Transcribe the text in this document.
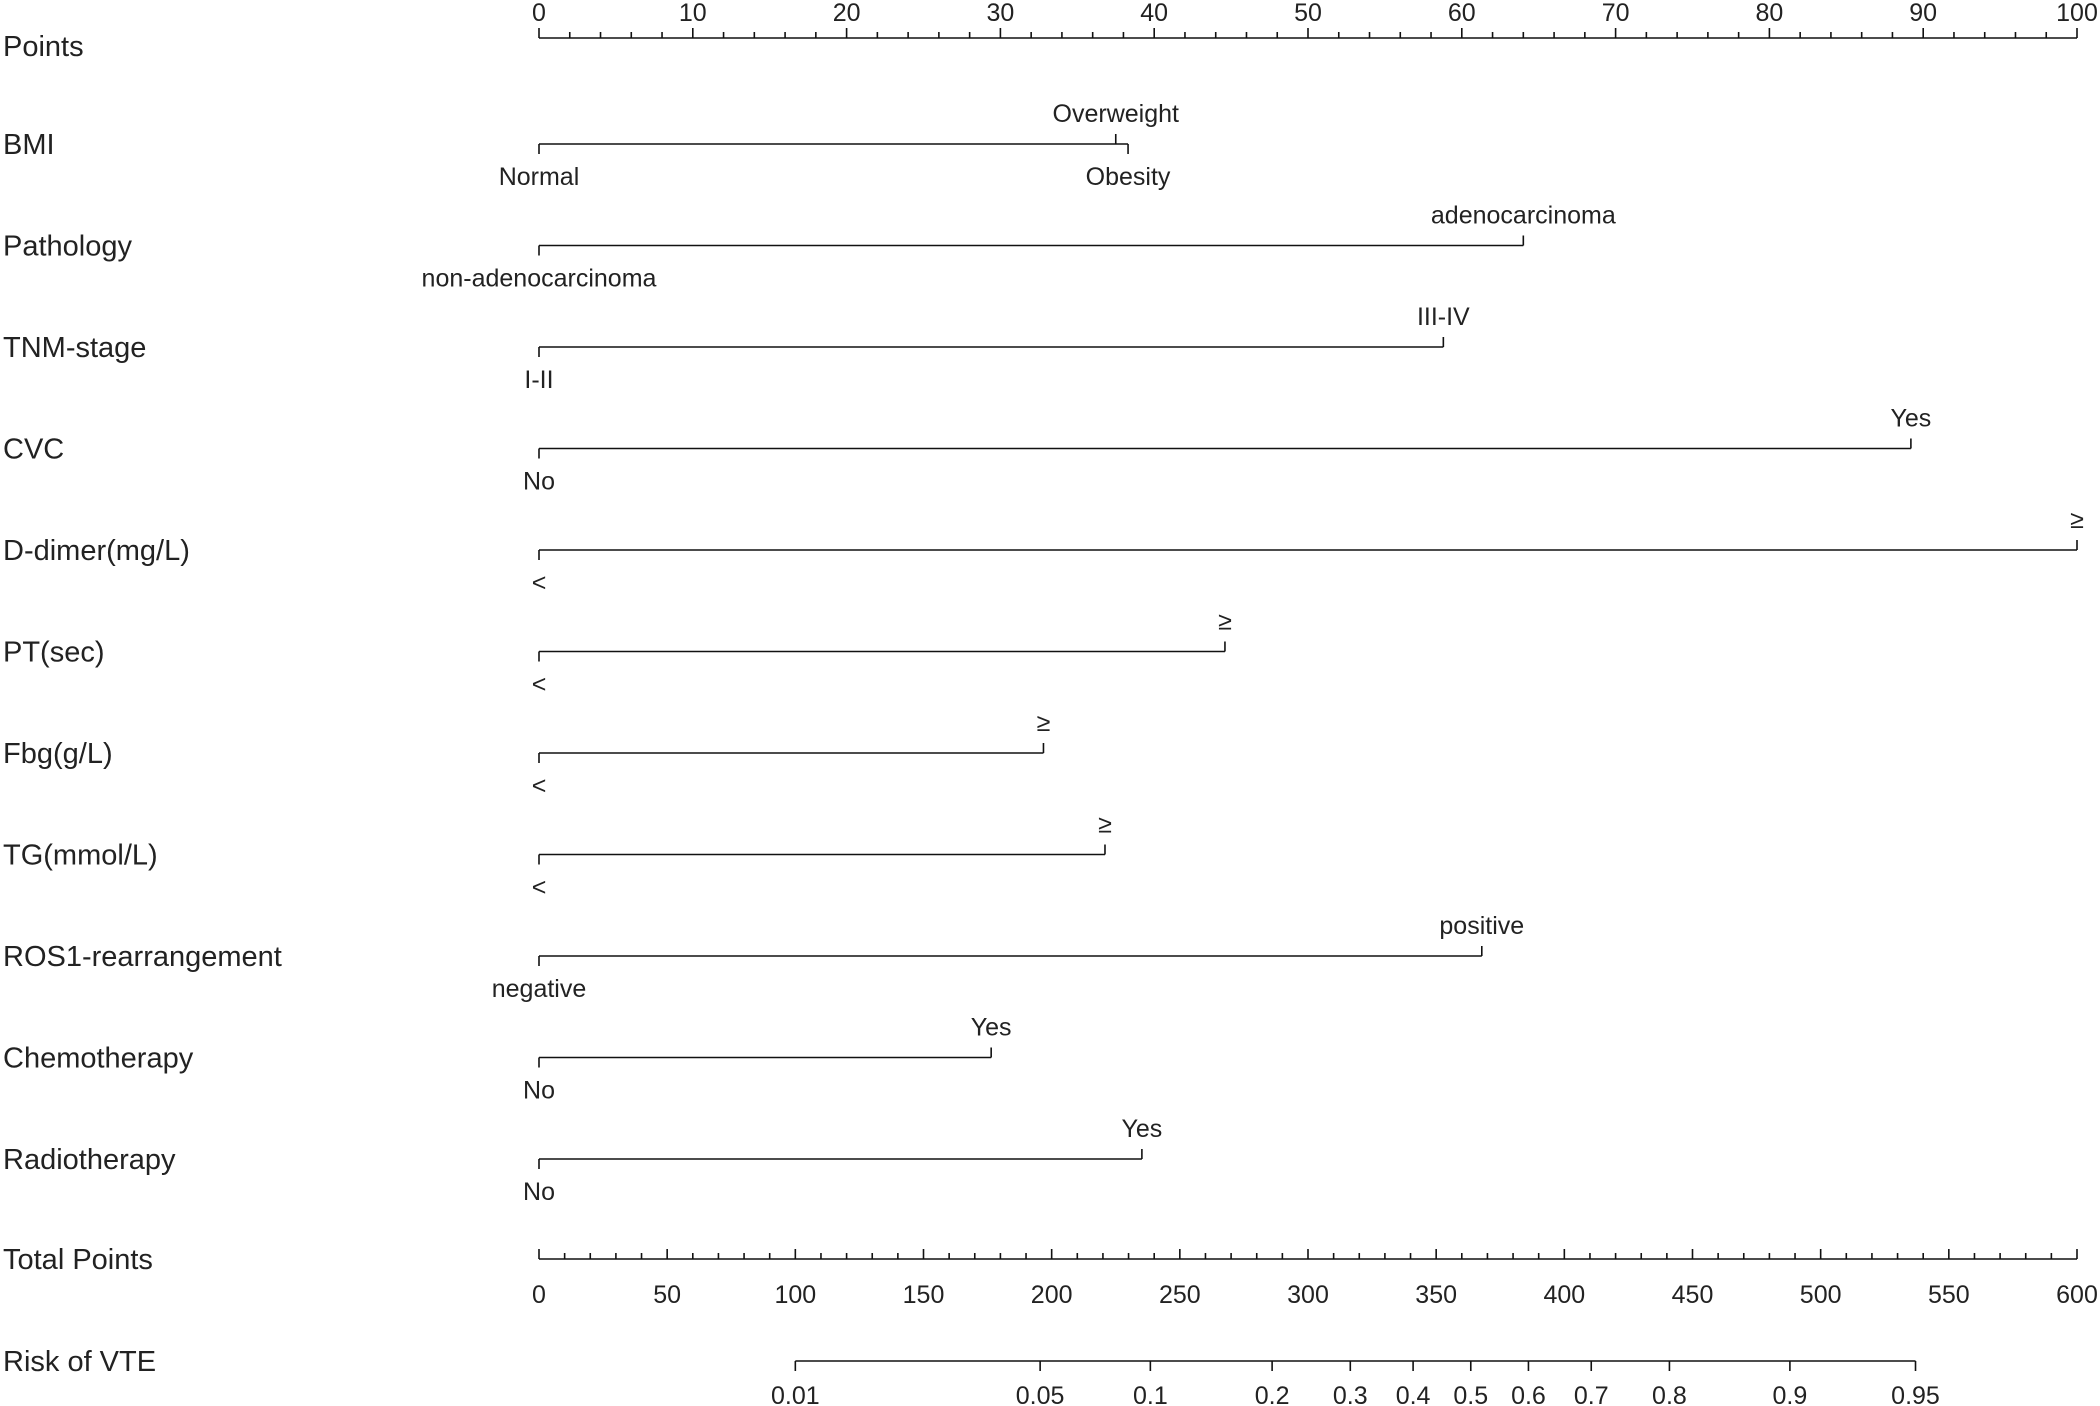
Points
0	10	20	30	40	50	60	70	80	90	100
BMI
Normal
Overweight
Obesity
Pathology
non-adenocarcinoma
adenocarcinoma
TNM-stage
I-II
III-IV
CVC
No
Yes
D-dimer(mg/L)
<
≥
PT(sec)
<
≥
Fbg(g/L)
<
≥
TG(mmol/L)
<
≥
ROS1-rearrangement
negative
positive
Chemotherapy
No
Yes
Radiotherapy
No
Yes
Total Points
0	50	100	150	200	250	300	350	400	450	500	550	600
Risk of VTE
0.01	0.05	0.1	0.2 0.3 0.4 0.5 0.6 0.7 0.8	0.9	0.95
